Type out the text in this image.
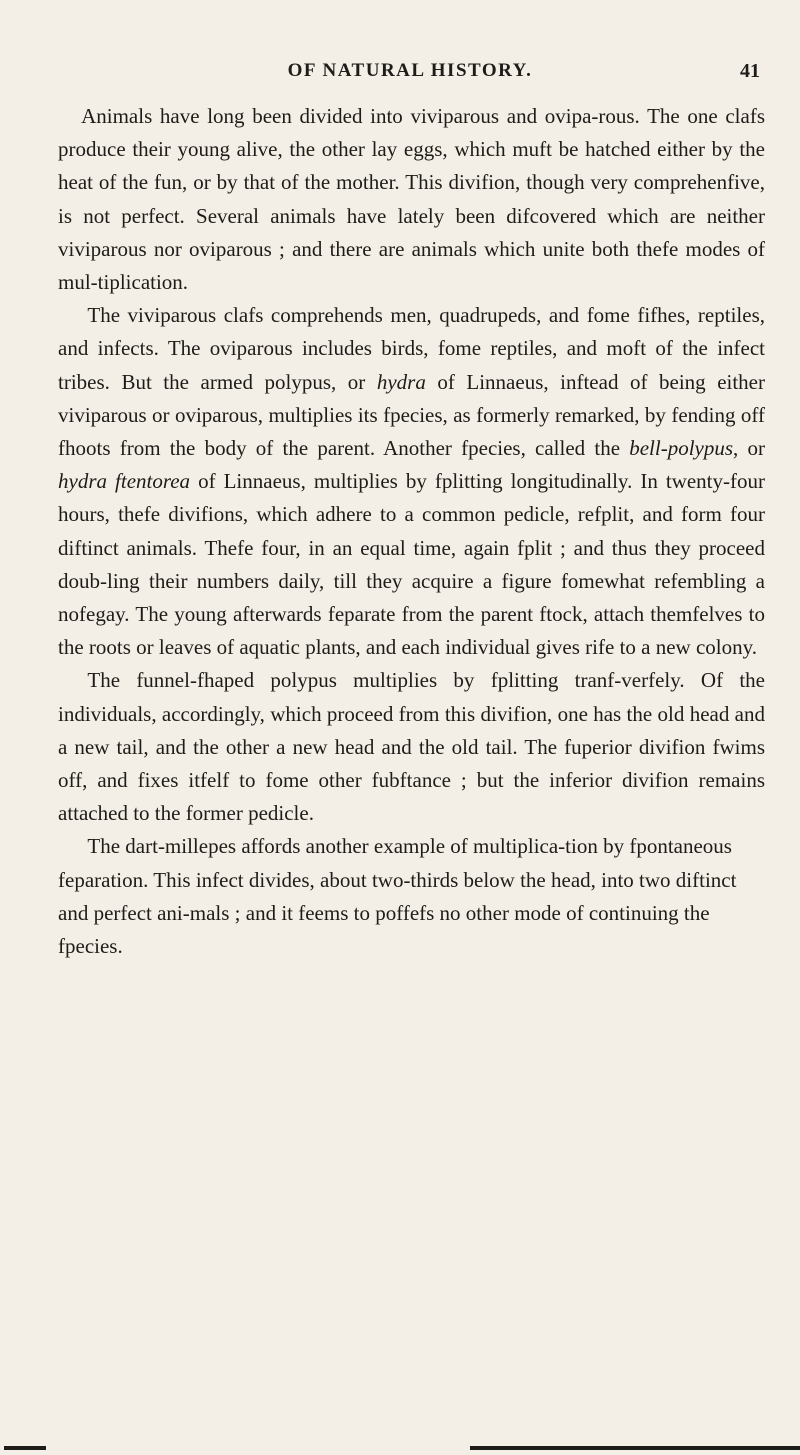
OF NATURAL HISTORY.	41

Animals have long been divided into viviparous and ovipa-rous. The one clafs produce their young alive, the other lay eggs, which muft be hatched either by the heat of the fun, or by that of the mother. This divifion, though very comprehenfive, is not perfect. Several animals have lately been difcovered which are neither viviparous nor oviparous ; and there are animals which unite both thefe modes of mul-tiplication.

The viviparous clafs comprehends men, quadrupeds, and fome fifhes, reptiles, and infects. The oviparous includes birds, fome reptiles, and moft of the infect tribes. But the armed polypus, or hydra of Linnaeus, inftead of being either viviparous or oviparous, multiplies its fpecies, as formerly remarked, by fending off fhoots from the body of the parent. Another fpecies, called the bell-polypus, or hydra ftentorea of Linnaeus, multiplies by fplitting longitudinally. In twenty-four hours, thefe divifions, which adhere to a common pedicle, refplit, and form four diftinct animals. Thefe four, in an equal time, again fplit ; and thus they proceed doub-ling their numbers daily, till they acquire a figure fomewhat refembling a nofegay. The young afterwards feparate from the parent ftock, attach themfelves to the roots or leaves of aquatic plants, and each individual gives rife to a new colony.

The funnel-fhaped polypus multiplies by fplitting tranf-verfely. Of the individuals, accordingly, which proceed from this divifion, one has the old head and a new tail, and the other a new head and the old tail. The fuperior divifion fwims off, and fixes itfelf to fome other fubftance ; but the inferior divifion remains attached to the former pedicle.

The dart-millepes affords another example of multiplica-tion by fpontaneous feparation. This infect divides, about two-thirds below the head, into two diftinct and perfect ani-mals ; and it feems to poffefs no other mode of continuing the fpecies.
